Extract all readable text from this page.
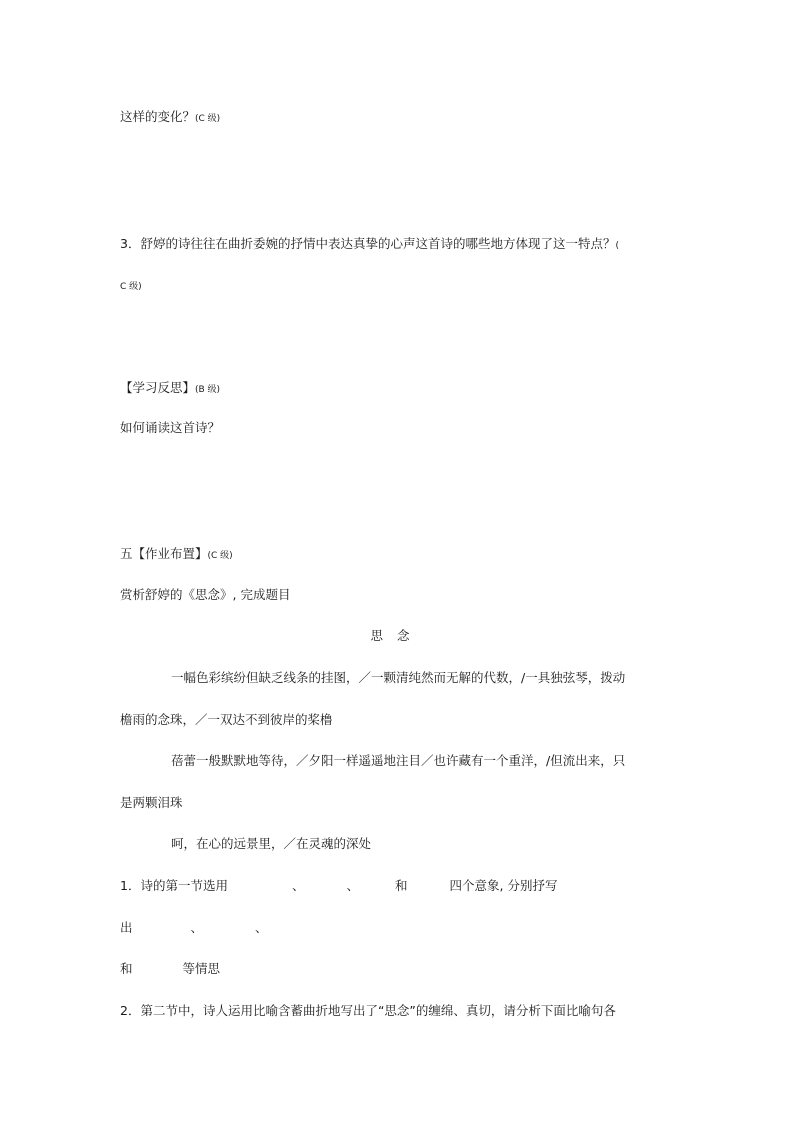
这样的变化？(C 级)
3．舒婷的诗往往在曲折委婉的抒情中表达真挚的心声这首诗的哪些地方体现了这一特点？(
C 级)
【学习反思】(B 级)
如何诵读这首诗？
五【作业布置】(C 级)
赏析舒婷的《思念》, 完成题目
思念
一幅色彩缤纷但缺乏线条的挂图，／一颗清纯然而无解的代数，/一具独弦琴，拨动
檐雨的念珠，／一双达不到彼岸的桨橹
蓓蕾一般默默地等待，／夕阳一样遥遥地注目／也许藏有一个重洋，/但流出来，只
是两颗泪珠
呵，在心的远景里，／在灵魂的深处
1．诗的第一节选用	、	、	和	四个意象, 分别抒写
出	、	、
和	等情思
2．第二节中，诗人运用比喻含蓄曲折地写出了“思念”的缠绵、真切，请分析下面比喻句各
